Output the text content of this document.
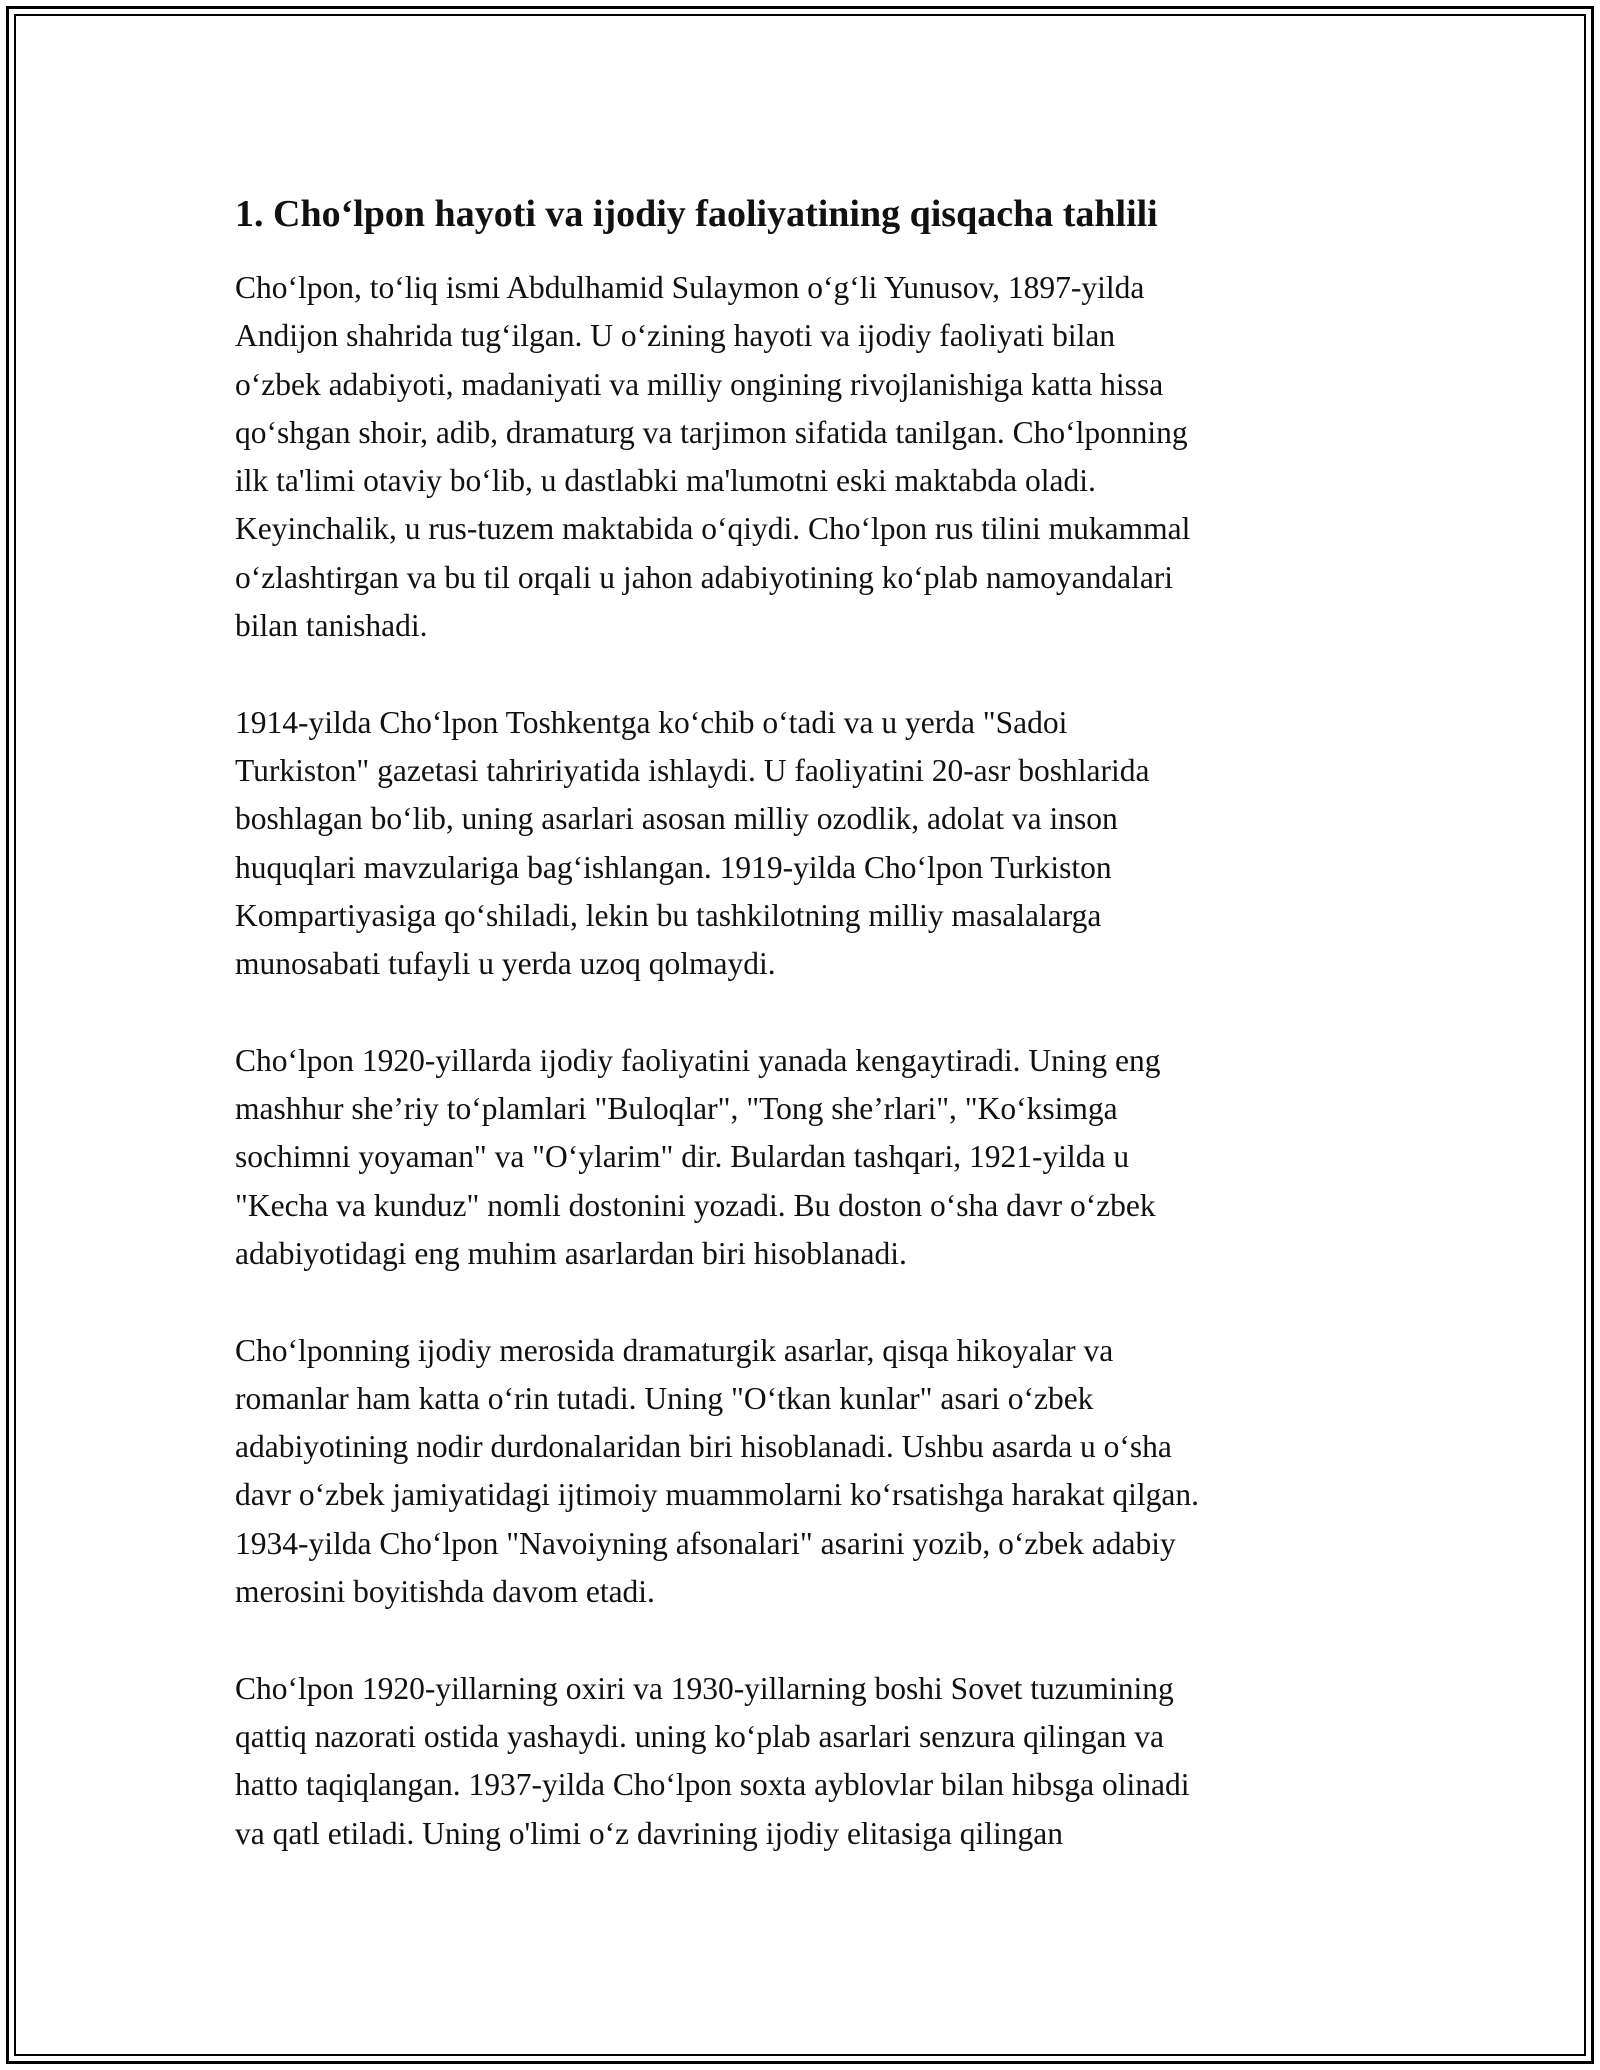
1. Cho‘lpon hayoti va ijodiy faoliyatining qisqacha tahlili

Cho‘lpon, to‘liq ismi Abdulhamid Sulaymon o‘g‘li Yunusov, 1897-yilda
Andijon shahrida tug‘ilgan. U o‘zining hayoti va ijodiy faoliyati bilan
o‘zbek adabiyoti, madaniyati va milliy ongining rivojlanishiga katta hissa
qo‘shgan shoir, adib, dramaturg va tarjimon sifatida tanilgan. Cho‘lponning
ilk ta'limi otaviy bo‘lib, u dastlabki ma'lumotni eski maktabda oladi.
Keyinchalik, u rus-tuzem maktabida o‘qiydi. Cho‘lpon rus tilini mukammal
o‘zlashtirgan va bu til orqali u jahon adabiyotining ko‘plab namoyandalari
bilan tanishadi.

1914-yilda Cho‘lpon Toshkentga ko‘chib o‘tadi va u yerda "Sadoi
Turkiston" gazetasi tahririyatida ishlaydi. U faoliyatini 20-asr boshlarida
boshlagan bo‘lib, uning asarlari asosan milliy ozodlik, adolat va inson
huquqlari mavzulariga bag‘ishlangan. 1919-yilda Cho‘lpon Turkiston
Kompartiyasiga qo‘shiladi, lekin bu tashkilotning milliy masalalarga
munosabati tufayli u yerda uzoq qolmaydi.

Cho‘lpon 1920-yillarda ijodiy faoliyatini yanada kengaytiradi. Uning eng
mashhur she’riy to‘plamlari "Buloqlar", "Tong she’rlari", "Ko‘ksimga
sochimni yoyaman" va "O‘ylarim" dir. Bulardan tashqari, 1921-yilda u
"Kecha va kunduz" nomli dostonini yozadi. Bu doston o‘sha davr o‘zbek
adabiyotidagi eng muhim asarlardan biri hisoblanadi.

Cho‘lponning ijodiy merosida dramaturgik asarlar, qisqa hikoyalar va
romanlar ham katta o‘rin tutadi. Uning "O‘tkan kunlar" asari o‘zbek
adabiyotining nodir durdonalaridan biri hisoblanadi. Ushbu asarda u o‘sha
davr o‘zbek jamiyatidagi ijtimoiy muammolarni ko‘rsatishga harakat qilgan.
1934-yilda Cho‘lpon "Navoiyning afsonalari" asarini yozib, o‘zbek adabiy
merosini boyitishda davom etadi.

Cho‘lpon 1920-yillarning oxiri va 1930-yillarning boshi Sovet tuzumining
qattiq nazorati ostida yashaydi. uning ko‘plab asarlari senzura qilingan va
hatto taqiqlangan. 1937-yilda Cho‘lpon soxta ayblovlar bilan hibsga olinadi
va qatl etiladi. Uning o'limi o‘z davrining ijodiy elitasiga qilingan
